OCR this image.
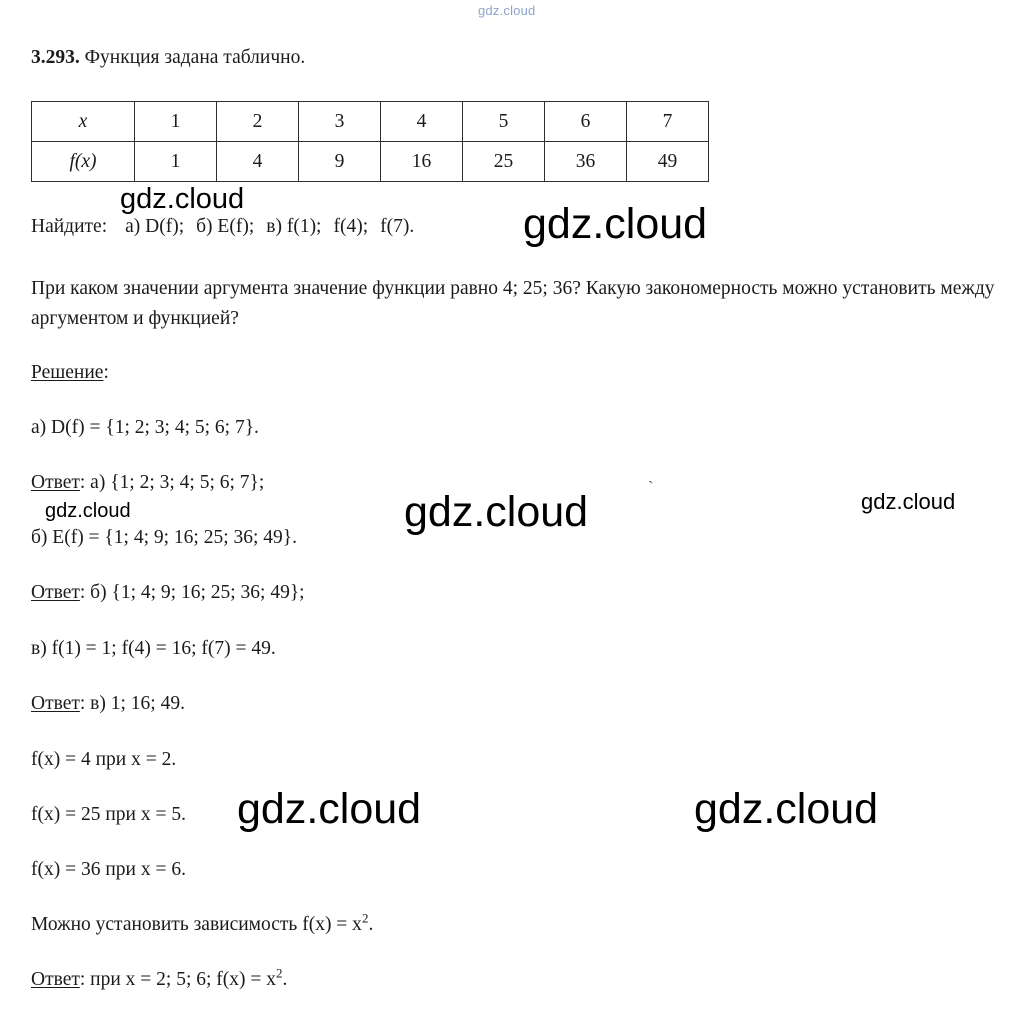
gdz.cloud
gdz.cloud
gdz.cloud
gdz.cloud
gdz.cloud	gdz.cloud
gdz.cloud	gdz.cloud
3.293. Функция задана таблично.
x	1	2	3	4	5	6	7
f(x)	1	4	9	16	25	36	49
Найдите: а) D(f); б) E(f); в) f(1); f(4); f(7).
При каком значении аргумента значение функции равно 4; 25; 36? Какую закономерность можно установить между аргументом и функцией?
Решение:
а) D(f) = {1; 2; 3; 4; 5; 6; 7}.
Ответ: а) {1; 2; 3; 4; 5; 6; 7};
б) E(f) = {1; 4; 9; 16; 25; 36; 49}.
Ответ: б) {1; 4; 9; 16; 25; 36; 49};
`
в) f(1) = 1; f(4) = 16; f(7) = 49.
Ответ: в) 1; 16; 49.
f(x) = 4 при x = 2.
f(x) = 25 при x = 5.
f(x) = 36 при x = 6.
Можно установить зависимость $f(x) = x^2$.
Ответ: при x = 2; 5; 6; $f(x) = x^2$.
